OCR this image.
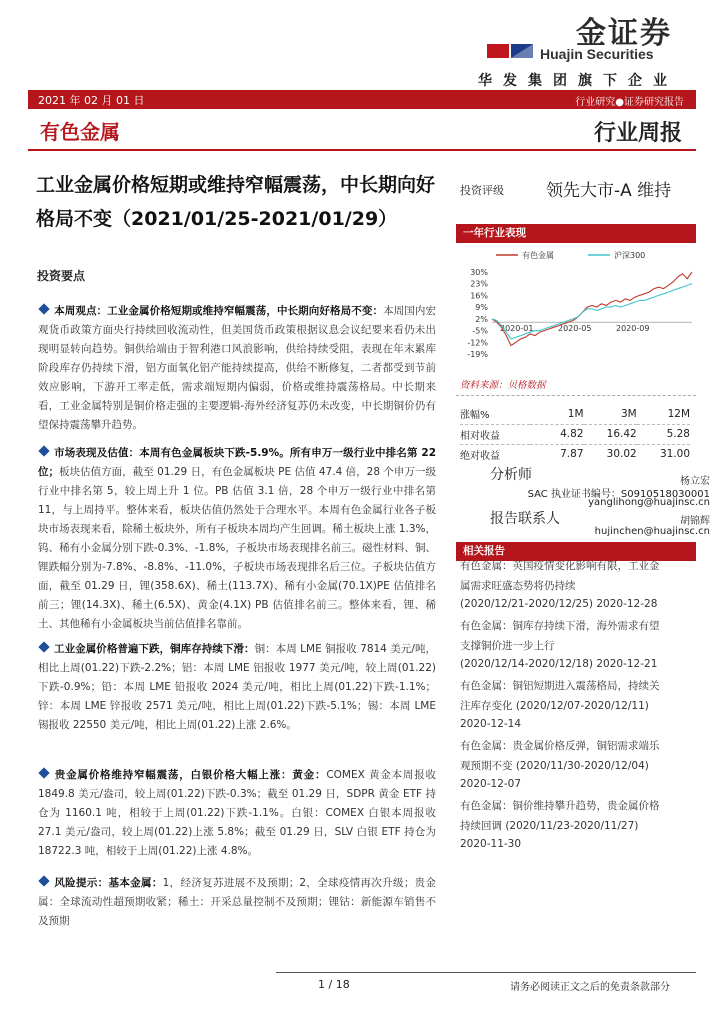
金证券
Huajin Securities
华发集团旗下企业
2021 年 02 月 01 日	行业研究●证券研究报告
有色金属	行业周报
工业金属价格短期或维持窄幅震荡，中长期向好格局不变（2021/01/25-2021/01/29）
投资要点
本周观点：工业金属价格短期或维持窄幅震荡，中长期向好格局不变：本周国内宏观货币政策方面央行持续回收流动性，但美国货币政策根据议息会议纪要来看仍未出现明显转向趋势。铜供给端由于智利港口风浪影响，供给持续受阻，表现在年末累库阶段库存仍持续下滑，铝方面氧化铝产能持续提高，供给不断修复，二者都受到节前效应影响，下游开工率走低，需求端短期内偏弱，价格或维持震荡格局。中长期来看，工业金属特别是铜价格走强的主要逻辑-海外经济复苏仍未改变，中长期铜价仍有望保持震荡攀升趋势。
市场表现及估值：本周有色金属板块下跌-5.9%。所有申万一级行业中排名第 22 位；板块估值方面，截至 01.29 日，有色金属板块 PE 估值 47.4 倍，28 个申万一级行业中排名第 5，较上周上升 1 位。PB 估值 3.1 倍，28 个申万一级行业中排名第 11，与上周持平。整体来看，板块估值仍然处于合理水平。本周有色金属行业各子板块市场表现来看，除稀土板块外，所有子板块本周均产生回调。稀土板块上涨 1.3%，钨、稀有小金属分别下跌-0.3%、-1.8%，子板块市场表现排名前三。磁性材料、铜、锂跌幅分别为-7.8%、-8.8%、-11.0%，子板块市场表现排名后三位。子板块估值方面，截至 01.29 日，锂(358.6X)、稀土(113.7X)、稀有小金属(70.1X)PE 估值排名前三；锂(14.3X)、稀土(6.5X)、黄金(4.1X) PB 估值排名前三。整体来看，锂、稀土、其他稀有小金属板块当前估值排名靠前。
工业金属价格普遍下跌，铜库存持续下滑：铜：本周 LME 铜报收 7814 美元/吨，相比上周(01.22)下跌-2.2%；铝：本周 LME 铝报收 1977 美元/吨，较上周(01.22)下跌-0.9%；铅：本周 LME 铅报收 2024 美元/吨，相比上周(01.22)下跌-1.1%；锌：本周 LME 锌报收 2571 美元/吨，相比上周(01.22)下跌-5.1%；锡：本周 LME 锡报收 22550 美元/吨，相比上周(01.22)上涨 2.6%。
贵金属价格维持窄幅震荡，白银价格大幅上涨：黄金：COMEX 黄金本周报收 1849.8 美元/盎司，较上周(01.22)下跌-0.3%；截至 01.29 日，SDPR 黄金 ETF 持仓为 1160.1 吨，相较于上周(01.22)下跌-1.1%。白银：COMEX 白银本周报收 27.1 美元/盎司，较上周(01.22)上涨 5.8%；截至 01.29 日，SLV 白银 ETF 持仓为 18722.3 吨，相较于上周(01.22)上涨 4.8%。
风险提示：基本金属：1，经济复苏进展不及预期；2，全球疫情再次升级；贵金属：全球流动性超预期收紧；稀土：开采总量控制不及预期；锂钴：新能源车销售不及预期
投资评级 领先大市-A 维持
一年行业表现
有色金属	沪深300
30%
23%
16%
9%
2%
-5%
-12%
-19%
2020-01	2020-05	2020-09
资料来源：贝格数据
涨幅%	1M	3M	12M
相对收益	4.82	16.42	5.28
绝对收益	7.87	30.02	31.00
分析师	杨立宏
SAC 执业证书编号：S0910518030001
yanglihong@huajinsc.cn
报告联系人	胡锦辉
hujinchen@huajinsc.cn
相关报告
有色金属：英国疫情变化影响有限，工业金
属需求旺盛态势将仍持续
(2020/12/21-2020/12/25) 2020-12-28
有色金属：铜库存持续下滑，海外需求有望
支撑铜价进一步上行
(2020/12/14-2020/12/18) 2020-12-21
有色金属：铜铝短期进入震荡格局，持续关
注库存变化 (2020/12/07-2020/12/11)
2020-12-14
有色金属：贵金属价格反弹，铜铝需求端乐
观预期不变 (2020/11/30-2020/12/04)
2020-12-07
有色金属：铜价维持攀升趋势，贵金属价格
持续回调 (2020/11/23-2020/11/27)
2020-11-30
1 / 18	请务必阅读正文之后的免责条款部分
